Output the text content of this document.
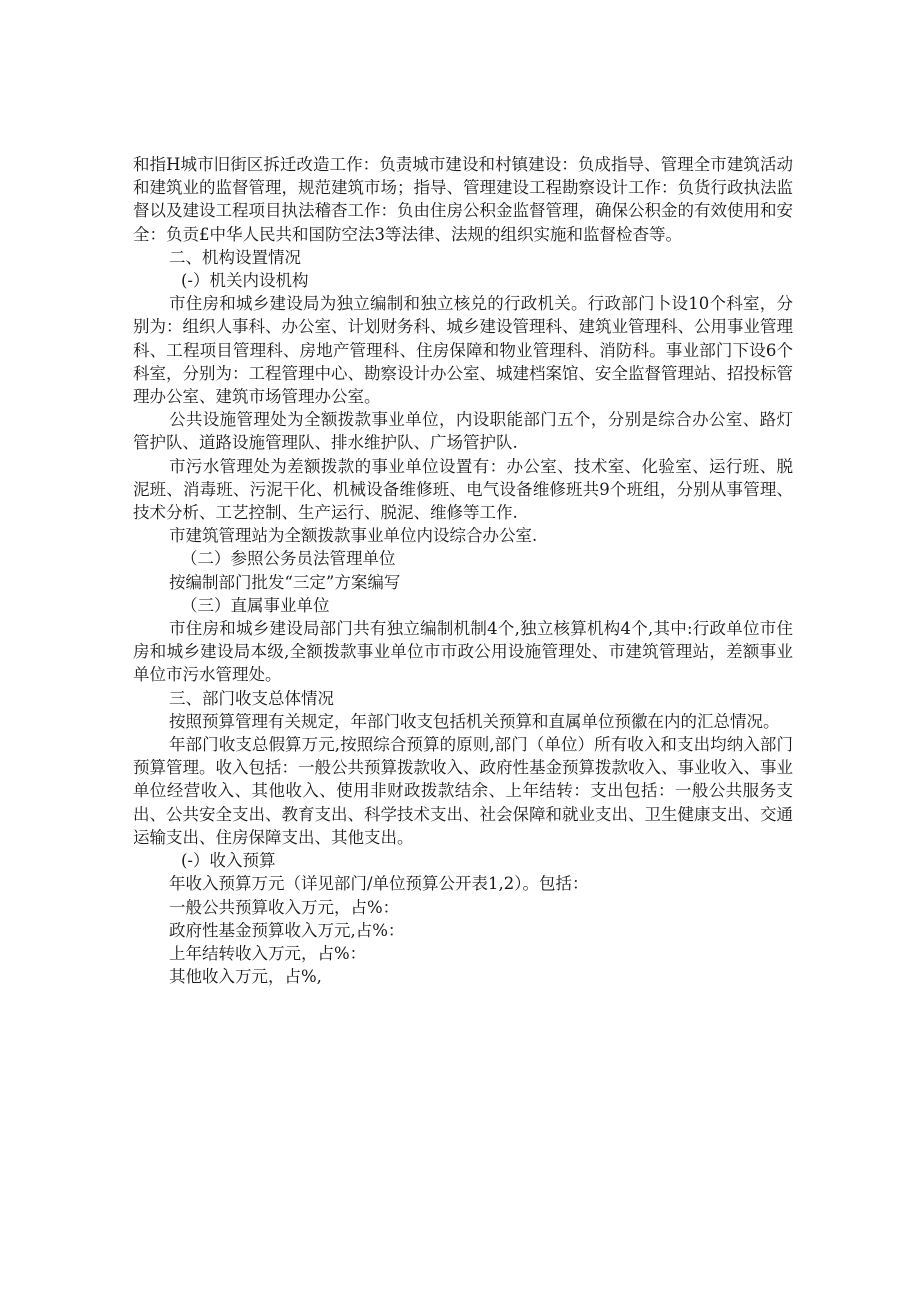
和指H城市旧街区拆迁改造工作：负责城市建设和村镇建设：负成指导、管理全市建筑活动和建筑业的监督管理，规范建筑市场；指导、管理建设工程勘察设计工作：负货行政执法监督以及建设工程项目执法稽杳工作：负由住房公积金监督管理，确保公积金的有效使用和安全：负贡£中华人民共和国防空法3等法律、法规的组织实施和监督检杳等。

二、机构设置情况

(-）机关内设机构

市住房和城乡建设局为独立编制和独立核兑的行政机关。行政部门卜设10个科室，分别为：组织人事科、办公室、计划财务科、城乡建设管理科、建筑业管理科、公用事业管理科、工程项目管理科、房地产管理科、住房保障和物业管理科、消防科。事业部门下设6个科室，分别为：工程管理中心、勘察设计办公室、城建档案馆、安全监督管理站、招投标管理办公室、建筑市场管理办公室。

公共设施管理处为全额拨款事业单位，内设职能部门五个，分别是综合办公室、路灯管护队、道路设施管理队、排水维护队、广场管护队.

市污水管理处为差额拨款的事业单位设置有：办公室、技术室、化验室、运行班、脱泥班、消毒班、污泥干化、机械设备维修班、电气设备维修班共9个班组，分别从事管理、技术分析、工艺控制、生产运行、脱泥、维修等工作.

市建筑管理站为全额拨款事业单位内设综合办公室.

（二）参照公务员法管理单位

按编制部门批发“三定”方案编写

（三）直属事业单位

市住房和城乡建设局部门共有独立编制机制4个,独立核算机构4个,其中:行政单位市住房和城乡建设局本级,全额拨款事业单位市市政公用设施管理处、市建筑管理站，差额事业单位市污水管理处。

三、部门收支总体情况

按照预算管理有关规定，年部门收支包括机关预算和直属单位预徽在内的汇总情况。

年部门收支总假算万元,按照综合预算的原则,部门（单位）所有收入和支出均纳入部门预算管理。收入包括：一般公共预算拨款收入、政府性基金预算拨款收入、事业收入、事业单位经营收入、其他收入、使用非财政拨款结余、上年结转：支出包括：一般公共服务支出、公共安全支出、教育支出、科学技术支出、社会保障和就业支出、卫生健康支出、交通运输支出、住房保障支出、其他支出。

(-）收入预算

年收入预算万元（详见部门/单位预算公开表1,2）。包括：

一般公共预算收入万元，占%：

政府性基金预算收入万元,占%：

上年结转收入万元，占%：

其他收入万元，占%,
